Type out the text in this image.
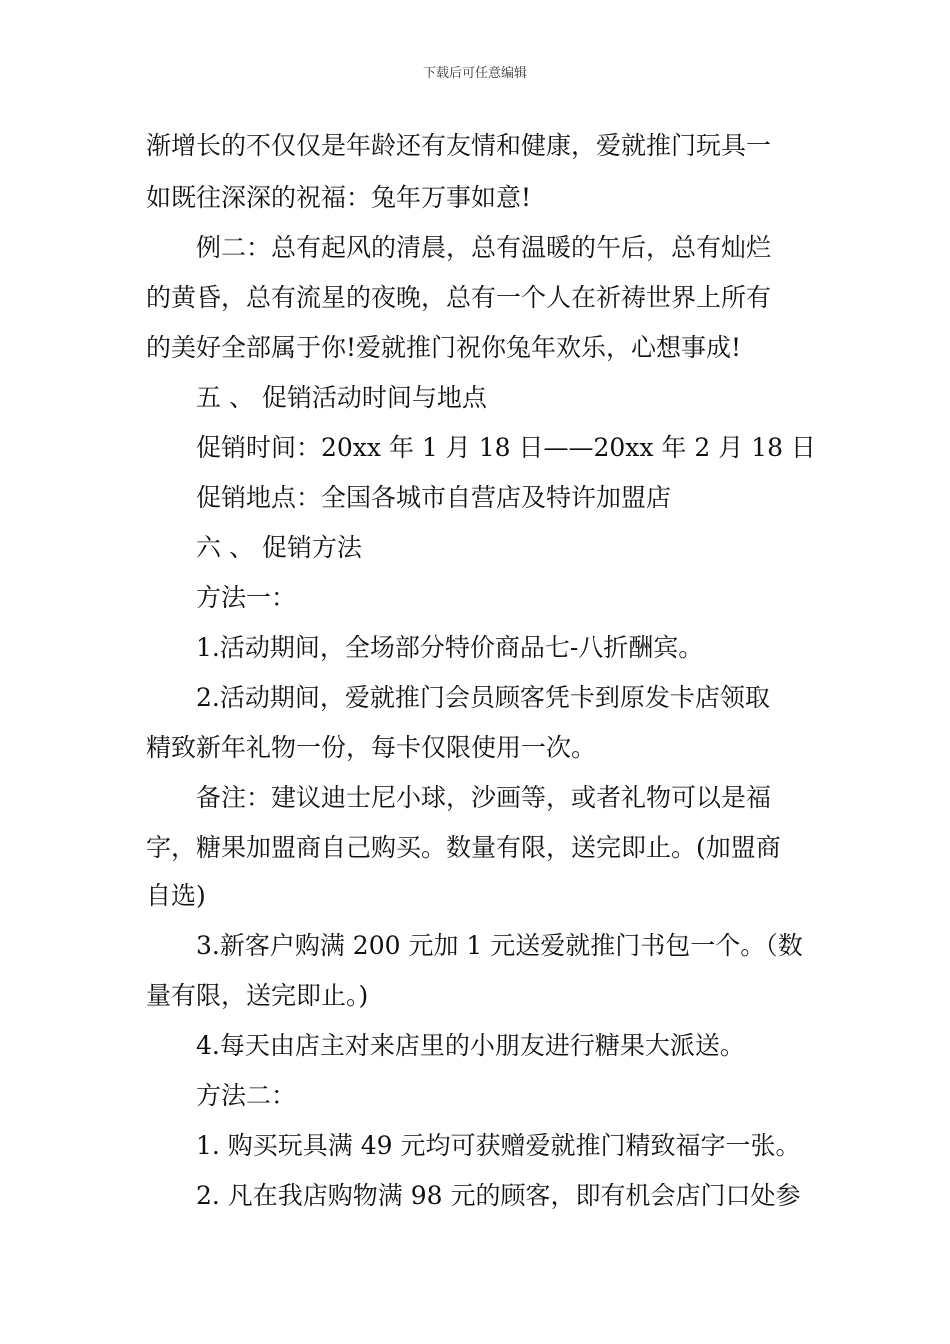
下载后可任意编辑
渐增长的不仅仅是年龄还有友情和健康，爱就推门玩具一
如既往深深的祝福：兔年万事如意!
例二：总有起风的清晨，总有温暖的午后，总有灿烂
的黄昏，总有流星的夜晚，总有一个人在祈祷世界上所有
的美好全部属于你!爱就推门祝你兔年欢乐，心想事成!
五 、 促销活动时间与地点
促销时间：20xx 年 1 月 18 日——20xx 年 2 月 18 日
促销地点：全国各城市自营店及特许加盟店
六 、 促销方法
方法一：
1.活动期间，全场部分特价商品七-八折酬宾。
2.活动期间，爱就推门会员顾客凭卡到原发卡店领取
精致新年礼物一份，每卡仅限使用一次。
备注：建议迪士尼小球，沙画等，或者礼物可以是福
字，糖果加盟商自己购买。数量有限，送完即止。(加盟商
自选)
3.新客户购满 200 元加 1 元送爱就推门书包一个。（数
量有限，送完即止。)
4.每天由店主对来店里的小朋友进行糖果大派送。
方法二：
1. 购买玩具满 49 元均可获赠爱就推门精致福字一张。
2. 凡在我店购物满 98 元的顾客，即有机会店门口处参
